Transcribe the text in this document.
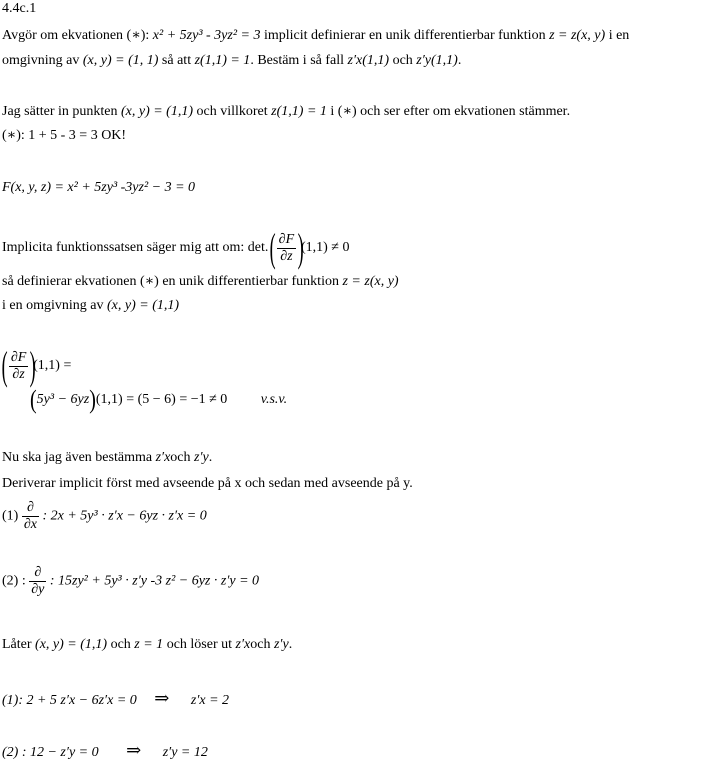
4.4c.1
Avgör om ekvationen (∗): x² + 5zy³ - 3yz² = 3 implicit definierar en unik differentierbar funktion z = z(x, y) i en
omgivning av (x, y) = (1, 1) så att z(1,1) = 1. Bestäm i så fall z′x(1,1) och z′y(1,1).
Jag sätter in punkten (x, y) = (1,1) och villkoret z(1,1) = 1 i (∗) och ser efter om ekvationen stämmer.
(∗): 1 + 5 - 3 = 3 OK!
F(x, y, z) = x² + 5zy³ -3yz² − 3 = 0
Implicita funktionssatsen säger mig att om: det. ( $\frac{\partial F}{\partial z} )(1,1) \ne 0$
så definierar ekvationen (∗) en unik differentierbar funktion z = z(x, y)
i en omgivning av (x, y) = (1,1)
( $\frac{\partial F}{\partial z} )(1,1)$ =
(5y³ − 6yz)(1,1) = (5 − 6) = −1 ≠ 0 v.s.v.
Nu ska jag även bestämma z′xoch z′y.
Deriverar implicit först med avseende på x och sedan med avseende på y.
$(1) \frac{\partial}{\partial x}$ : 2x + 5y³ · z′x − 6yz · z′x = 0
(2) : $\frac{\partial}{\partial y}$ : 15zy² + 5y³ · z′y -3 z² − 6yz · z′y = 0
Låter (x, y) = (1,1) och z = 1 och löser ut z′xoch z′y.
(1): 2 + 5 z′x − 6z′x = 0 ⇒ z′x = 2
(2) : 12 − z′y = 0 ⇒ z′y = 12
